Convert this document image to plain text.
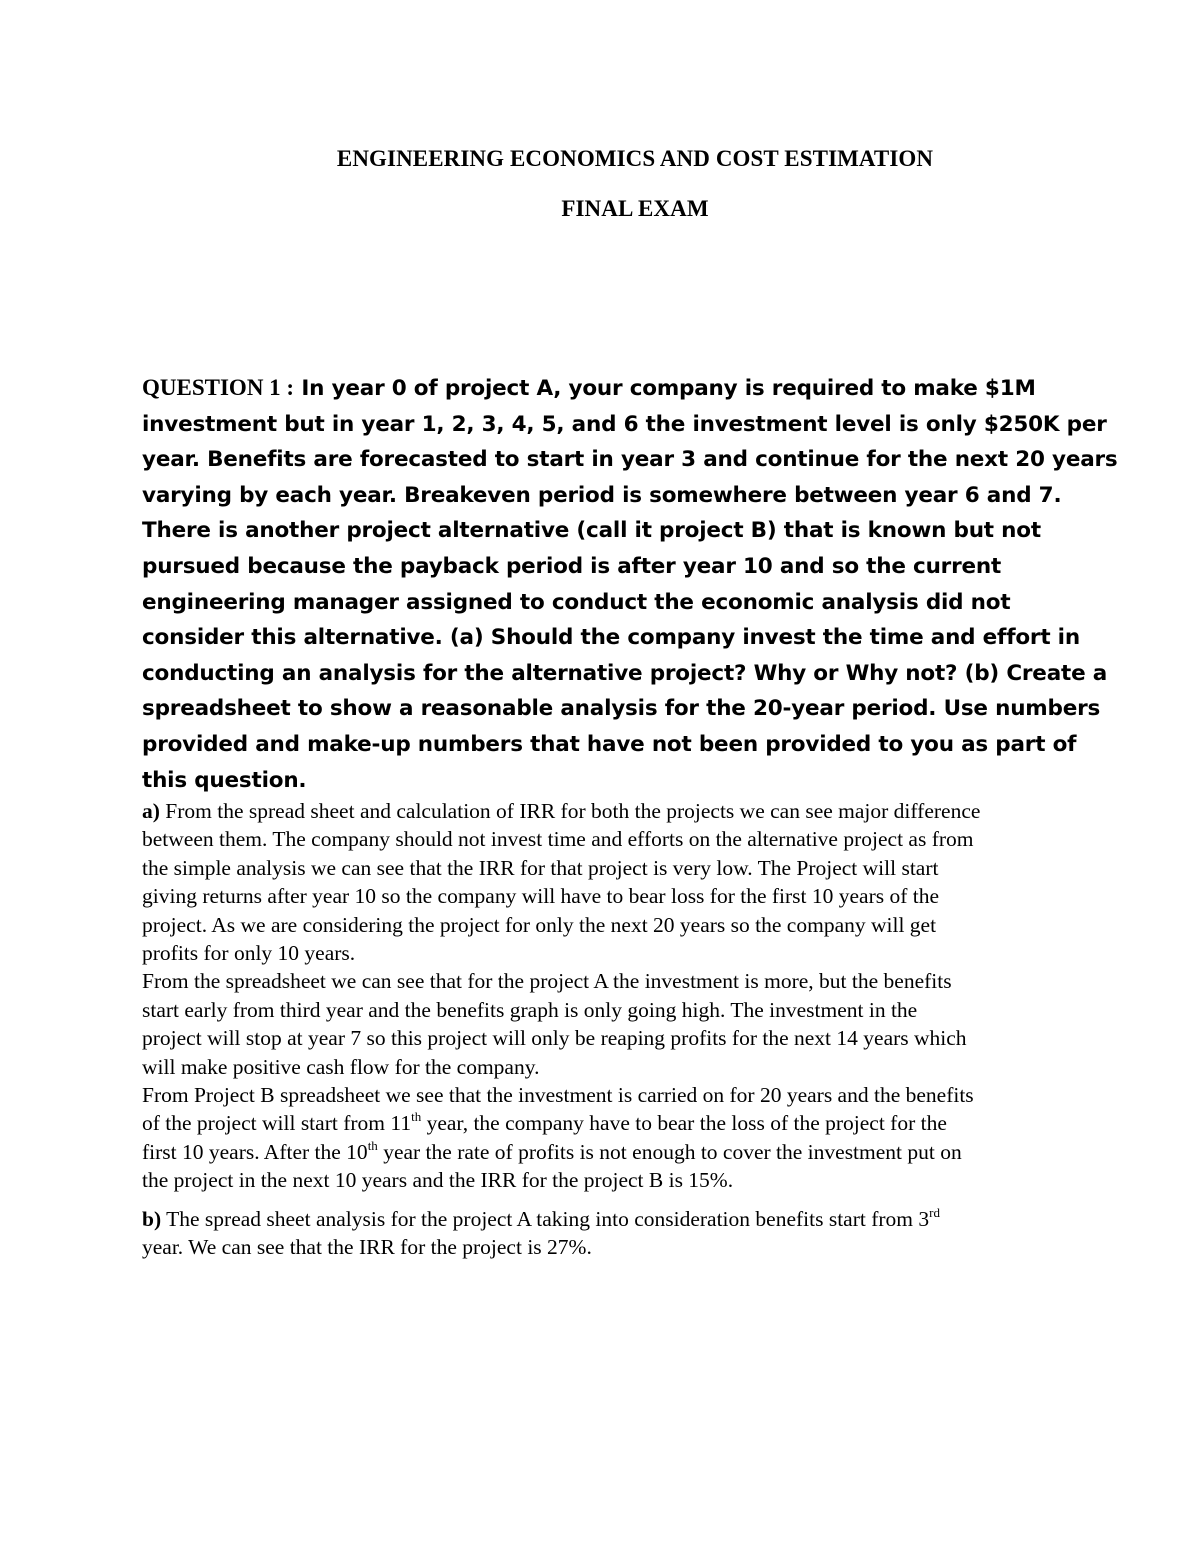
ENGINEERING ECONOMICS AND COST ESTIMATION
FINAL EXAM
QUESTION 1 : In year 0 of project A, your company is required to make $1M
investment but in year 1, 2, 3, 4, 5, and 6 the investment level is only $250K per
year. Benefits are forecasted to start in year 3 and continue for the next 20 years
varying by each year. Breakeven period is somewhere between year 6 and 7.
There is another project alternative (call it project B) that is known but not
pursued because the payback period is after year 10 and so the current
engineering manager assigned to conduct the economic analysis did not
consider this alternative. (a) Should the company invest the time and effort in
conducting an analysis for the alternative project? Why or Why not? (b) Create a
spreadsheet to show a reasonable analysis for the 20-year period. Use numbers
provided and make-up numbers that have not been provided to you as part of
this question.
a) From the spread sheet and calculation of IRR for both the projects we can see major difference
between them. The company should not invest time and efforts on the alternative project as from
the simple analysis we can see that the IRR for that project is very low. The Project will start
giving returns after year 10 so the company will have to bear loss for the first 10 years of the
project. As we are considering the project for only the next 20 years so the company will get
profits for only 10 years.
From the spreadsheet we can see that for the project A the investment is more, but the benefits
start early from third year and the benefits graph is only going high. The investment in the
project will stop at year 7 so this project will only be reaping profits for the next 14 years which
will make positive cash flow for the company.
From Project B spreadsheet we see that the investment is carried on for 20 years and the benefits
of the project will start from 11th year, the company have to bear the loss of the project for the
first 10 years. After the 10th year the rate of profits is not enough to cover the investment put on
the project in the next 10 years and the IRR for the project B is 15%.
b) The spread sheet analysis for the project A taking into consideration benefits start from 3rd
year. We can see that the IRR for the project is 27%.
